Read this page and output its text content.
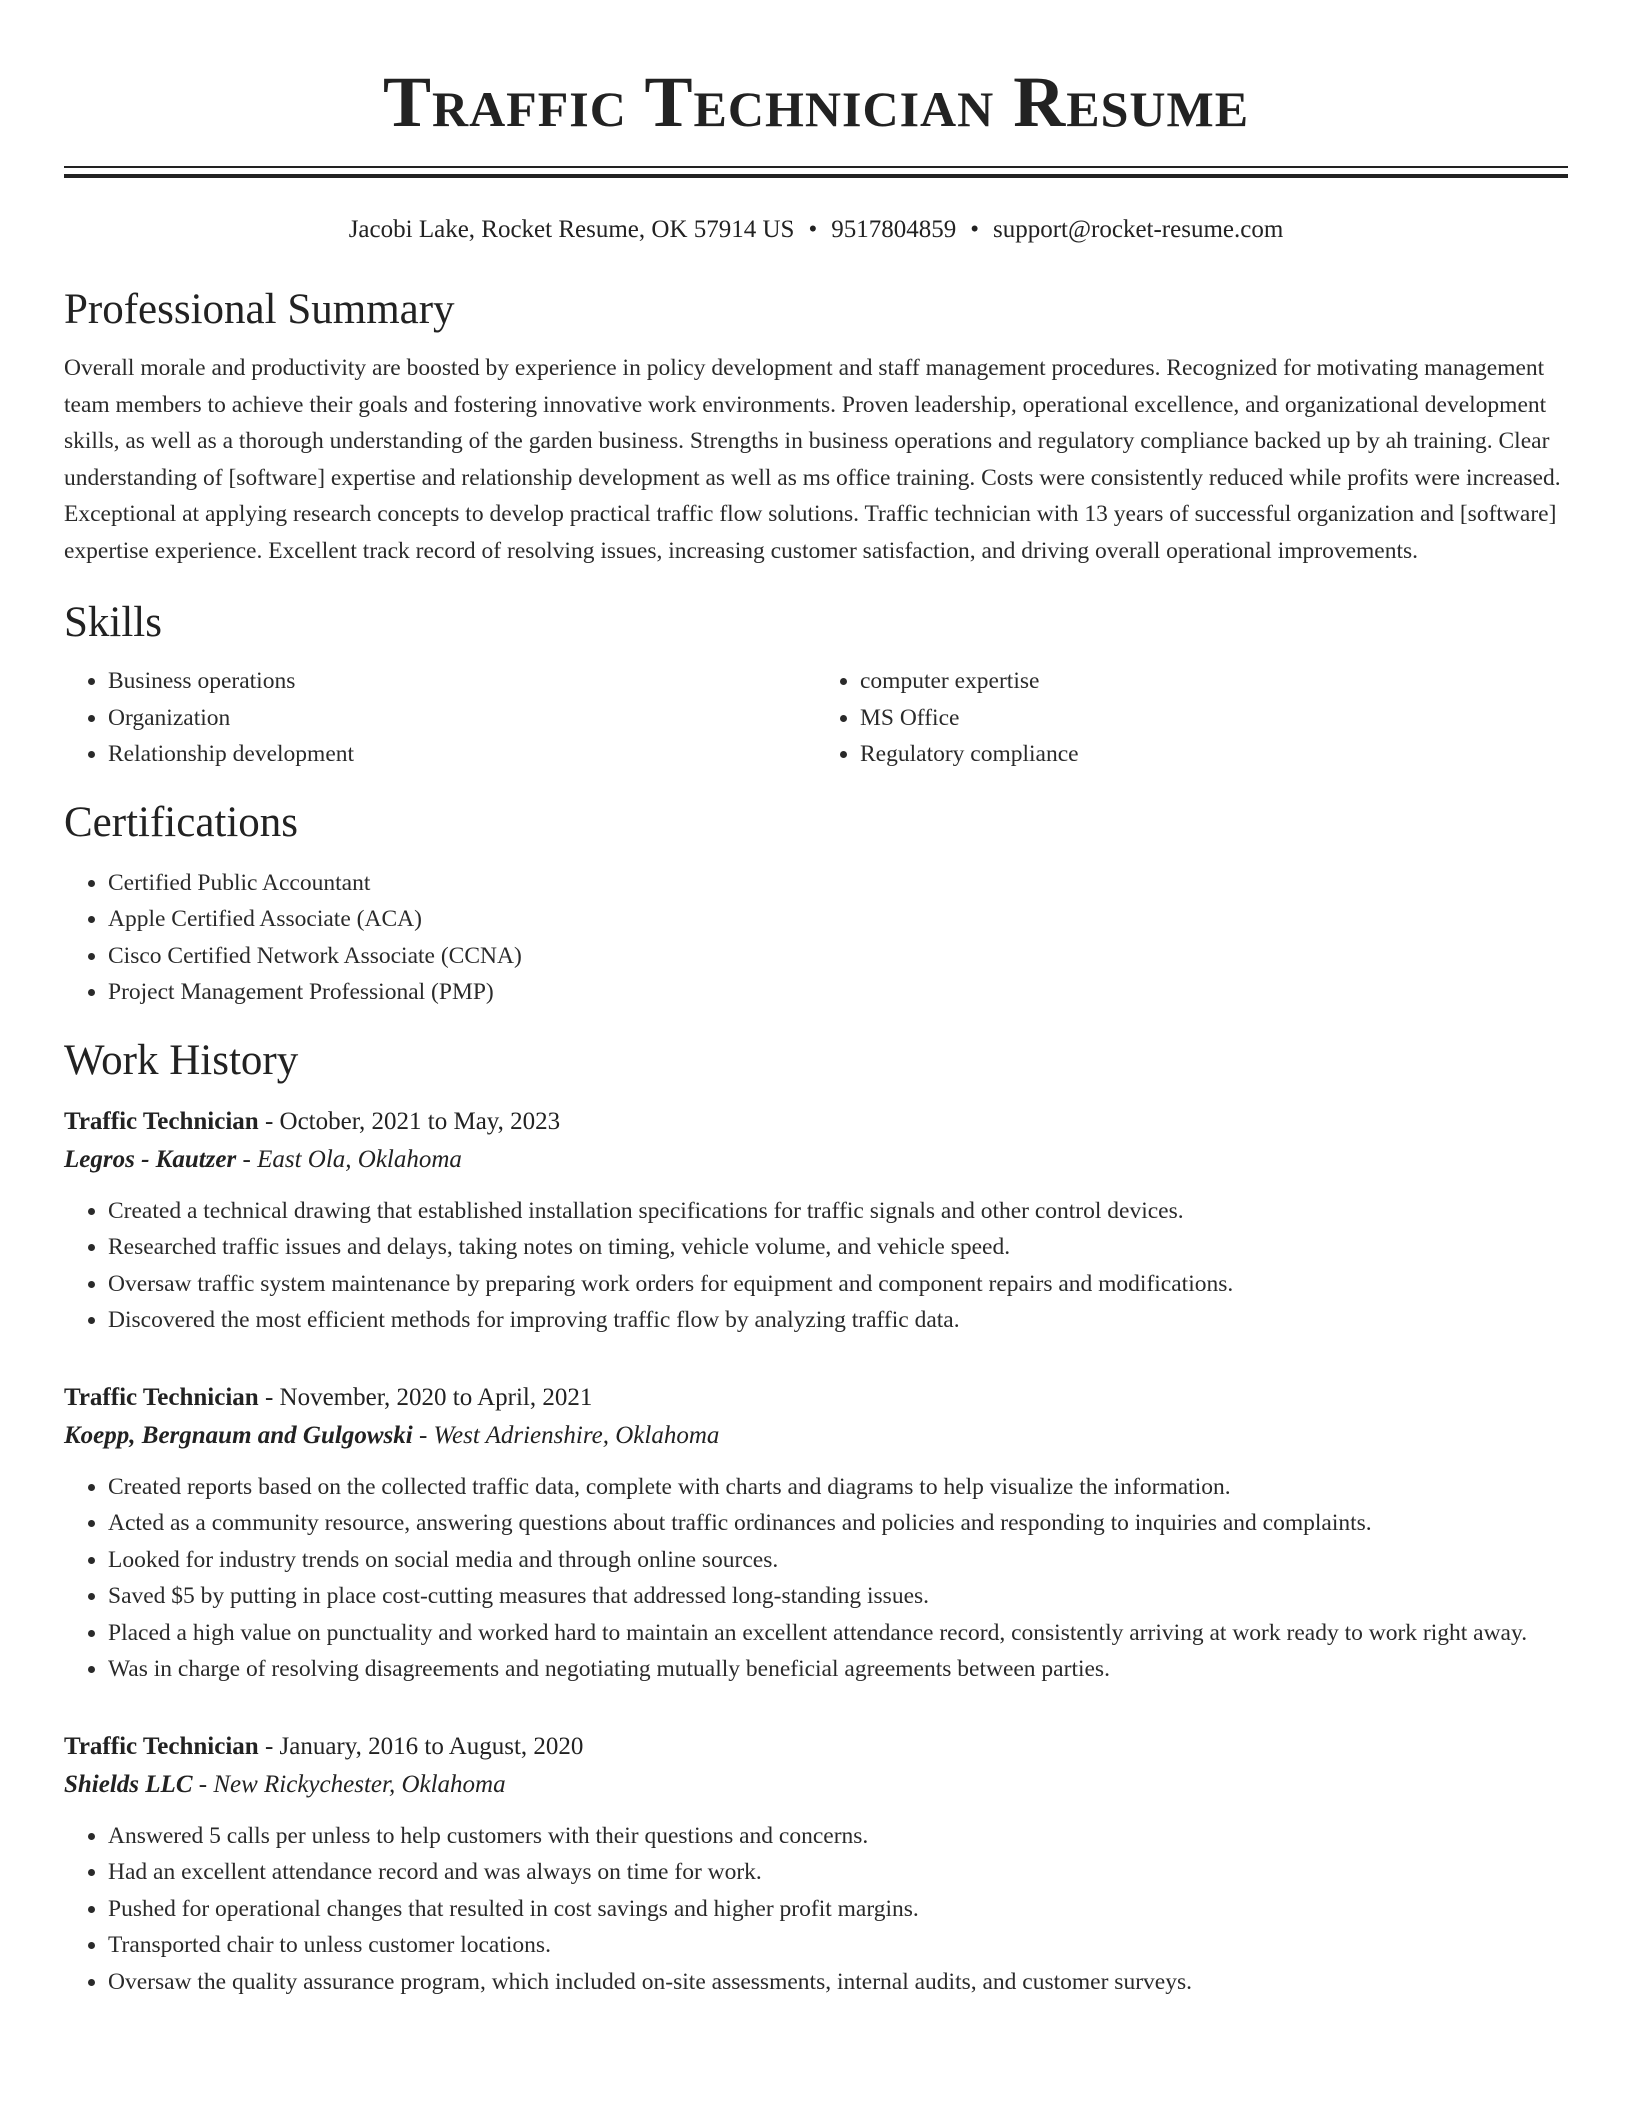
Traffic Technician Resume
Jacobi Lake, Rocket Resume, OK 57914 US • 9517804859 • support@rocket-resume.com
Professional Summary

Overall morale and productivity are boosted by experience in policy development and staff management procedures. Recognized for motivating management team members to achieve their goals and fostering innovative work environments. Proven leadership, operational excellence, and organizational development skills, as well as a thorough understanding of the garden business. Strengths in business operations and regulatory compliance backed up by ah training. Clear understanding of [software] expertise and relationship development as well as ms office training. Costs were consistently reduced while profits were increased. Exceptional at applying research concepts to develop practical traffic flow solutions. Traffic technician with 13 years of successful organization and [software] expertise experience. Excellent track record of resolving issues, increasing customer satisfaction, and driving overall operational improvements.

Skills
• Business operations
• Organization
• Relationship development
• computer expertise
• MS Office
• Regulatory compliance
Certifications
• Certified Public Accountant
• Apple Certified Associate (ACA)
• Cisco Certified Network Associate (CCNA)
• Project Management Professional (PMP)
Work History
Traffic Technician - October, 2021 to May, 2023
Legros - Kautzer - East Ola, Oklahoma
• Created a technical drawing that established installation specifications for traffic signals and other control devices.
• Researched traffic issues and delays, taking notes on timing, vehicle volume, and vehicle speed.
• Oversaw traffic system maintenance by preparing work orders for equipment and component repairs and modifications.
• Discovered the most efficient methods for improving traffic flow by analyzing traffic data.
Traffic Technician - November, 2020 to April, 2021
Koepp, Bergnaum and Gulgowski - West Adrienshire, Oklahoma
• Created reports based on the collected traffic data, complete with charts and diagrams to help visualize the information.
• Acted as a community resource, answering questions about traffic ordinances and policies and responding to inquiries and complaints.
• Looked for industry trends on social media and through online sources.
• Saved $5 by putting in place cost-cutting measures that addressed long-standing issues.
• Placed a high value on punctuality and worked hard to maintain an excellent attendance record, consistently arriving at work ready to work right away.
• Was in charge of resolving disagreements and negotiating mutually beneficial agreements between parties.
Traffic Technician - January, 2016 to August, 2020
Shields LLC - New Rickychester, Oklahoma
• Answered 5 calls per unless to help customers with their questions and concerns.
• Had an excellent attendance record and was always on time for work.
• Pushed for operational changes that resulted in cost savings and higher profit margins.
• Transported chair to unless customer locations.
• Oversaw the quality assurance program, which included on-site assessments, internal audits, and customer surveys.
